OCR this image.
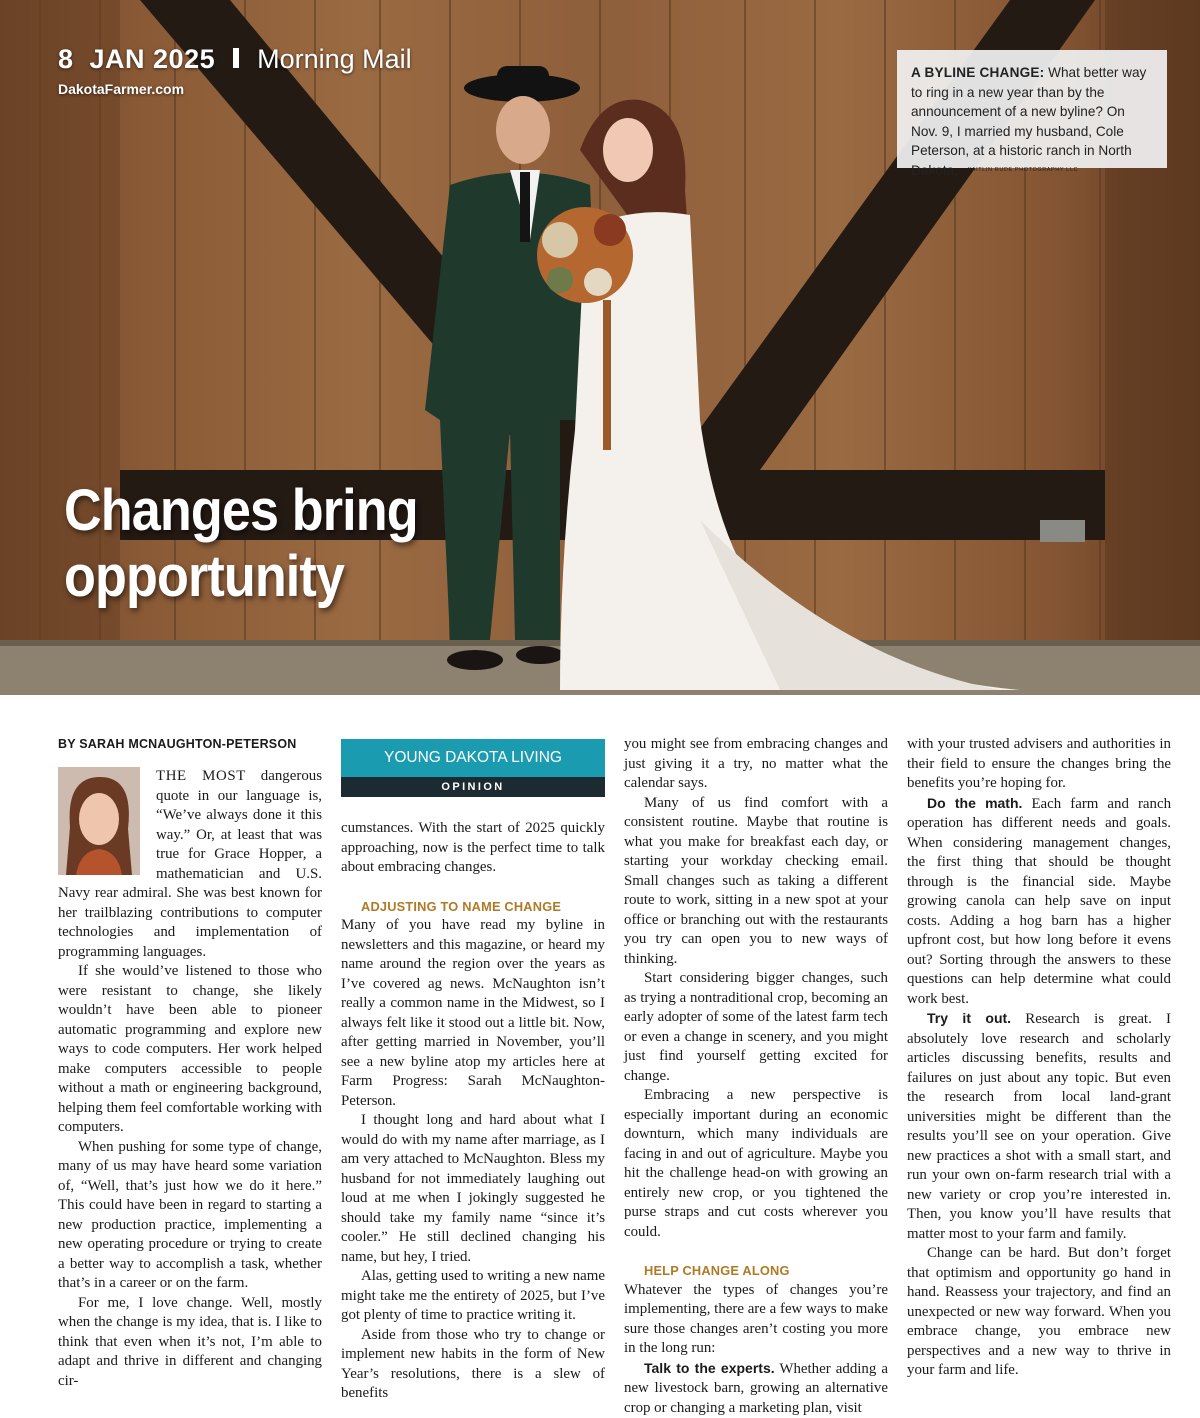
8 JAN 2025 Morning Mail
DakotaFarmer.com
A BYLINE CHANGE: What better way to ring in a new year than by the announcement of a new byline? On Nov. 9, I married my husband, Cole Peterson, at a historic ranch in North Dakota. KAITLIN RUDE PHOTOGRAPHY LLC
Changes bring
opportunity
BY SARAH MCNAUGHTON-PETERSON

THE MOST dangerous quote in our language is, “We’ve always done it this way.” Or, at least that was true for Grace Hopper, a mathematician and U.S. Navy rear admiral. She was best known for her trailblazing contributions to computer technologies and implementation of programming languages.

If she would’ve listened to those who were resistant to change, she likely wouldn’t have been able to pioneer automatic programming and explore new ways to code computers. Her work helped make computers accessible to people without a math or engineering background, helping them feel comfortable working with computers.

When pushing for some type of change, many of us may have heard some variation of, “Well, that’s just how we do it here.” This could have been in regard to starting a new production practice, implementing a new operating procedure or trying to create a better way to accomplish a task, whether that’s in a career or on the farm.

For me, I love change. Well, mostly when the change is my idea, that is. I like to think that even when it’s not, I’m able to adapt and thrive in different and changing cir-

YOUNG DAKOTA LIVING
OPINION

cumstances. With the start of 2025 quickly approaching, now is the perfect time to talk about embracing changes.

ADJUSTING TO NAME CHANGE

Many of you have read my byline in newsletters and this magazine, or heard my name around the region over the years as I’ve covered ag news. McNaughton isn’t really a common name in the Midwest, so I always felt like it stood out a little bit. Now, after getting married in November, you’ll see a new byline atop my articles here at Farm Progress: Sarah McNaughton-Peterson.

I thought long and hard about what I would do with my name after marriage, as I am very attached to McNaughton. Bless my husband for not immediately laughing out loud at me when I jokingly suggested he should take my family name “since it’s cooler.” He still declined changing his name, but hey, I tried.

Alas, getting used to writing a new name might take me the entirety of 2025, but I’ve got plenty of time to practice writing it.

Aside from those who try to change or implement new habits in the form of New Year’s resolutions, there is a slew of benefits

you might see from embracing changes and just giving it a try, no matter what the calendar says.

Many of us find comfort with a consistent routine. Maybe that routine is what you make for breakfast each day, or starting your workday checking email. Small changes such as taking a different route to work, sitting in a new spot at your office or branching out with the restaurants you try can open you to new ways of thinking.

Start considering bigger changes, such as trying a nontraditional crop, becoming an early adopter of some of the latest farm tech or even a change in scenery, and you might just find yourself getting excited for change.

Embracing a new perspective is especially important during an economic downturn, which many individuals are facing in and out of agriculture. Maybe you hit the challenge head-on with growing an entirely new crop, or you tightened the purse straps and cut costs wherever you could.

HELP CHANGE ALONG

Whatever the types of changes you’re implementing, there are a few ways to make sure those changes aren’t costing you more in the long run:

Talk to the experts. Whether adding a new livestock barn, growing an alternative crop or changing a marketing plan, visit

with your trusted advisers and authorities in their field to ensure the changes bring the benefits you’re hoping for.

Do the math. Each farm and ranch operation has different needs and goals. When considering management changes, the first thing that should be thought through is the financial side. Maybe growing canola can help save on input costs. Adding a hog barn has a higher upfront cost, but how long before it evens out? Sorting through the answers to these questions can help determine what could work best.

Try it out. Research is great. I absolutely love research and scholarly articles discussing benefits, results and failures on just about any topic. But even the research from local land-grant universities might be different than the results you’ll see on your operation. Give new practices a shot with a small start, and run your own on-farm research trial with a new variety or crop you’re interested in. Then, you know you’ll have results that matter most to your farm and family.

Change can be hard. But don’t forget that optimism and opportunity go hand in hand. Reassess your trajectory, and find an unexpected or new way forward. When you embrace change, you embrace new perspectives and a new way to thrive in your farm and life.
